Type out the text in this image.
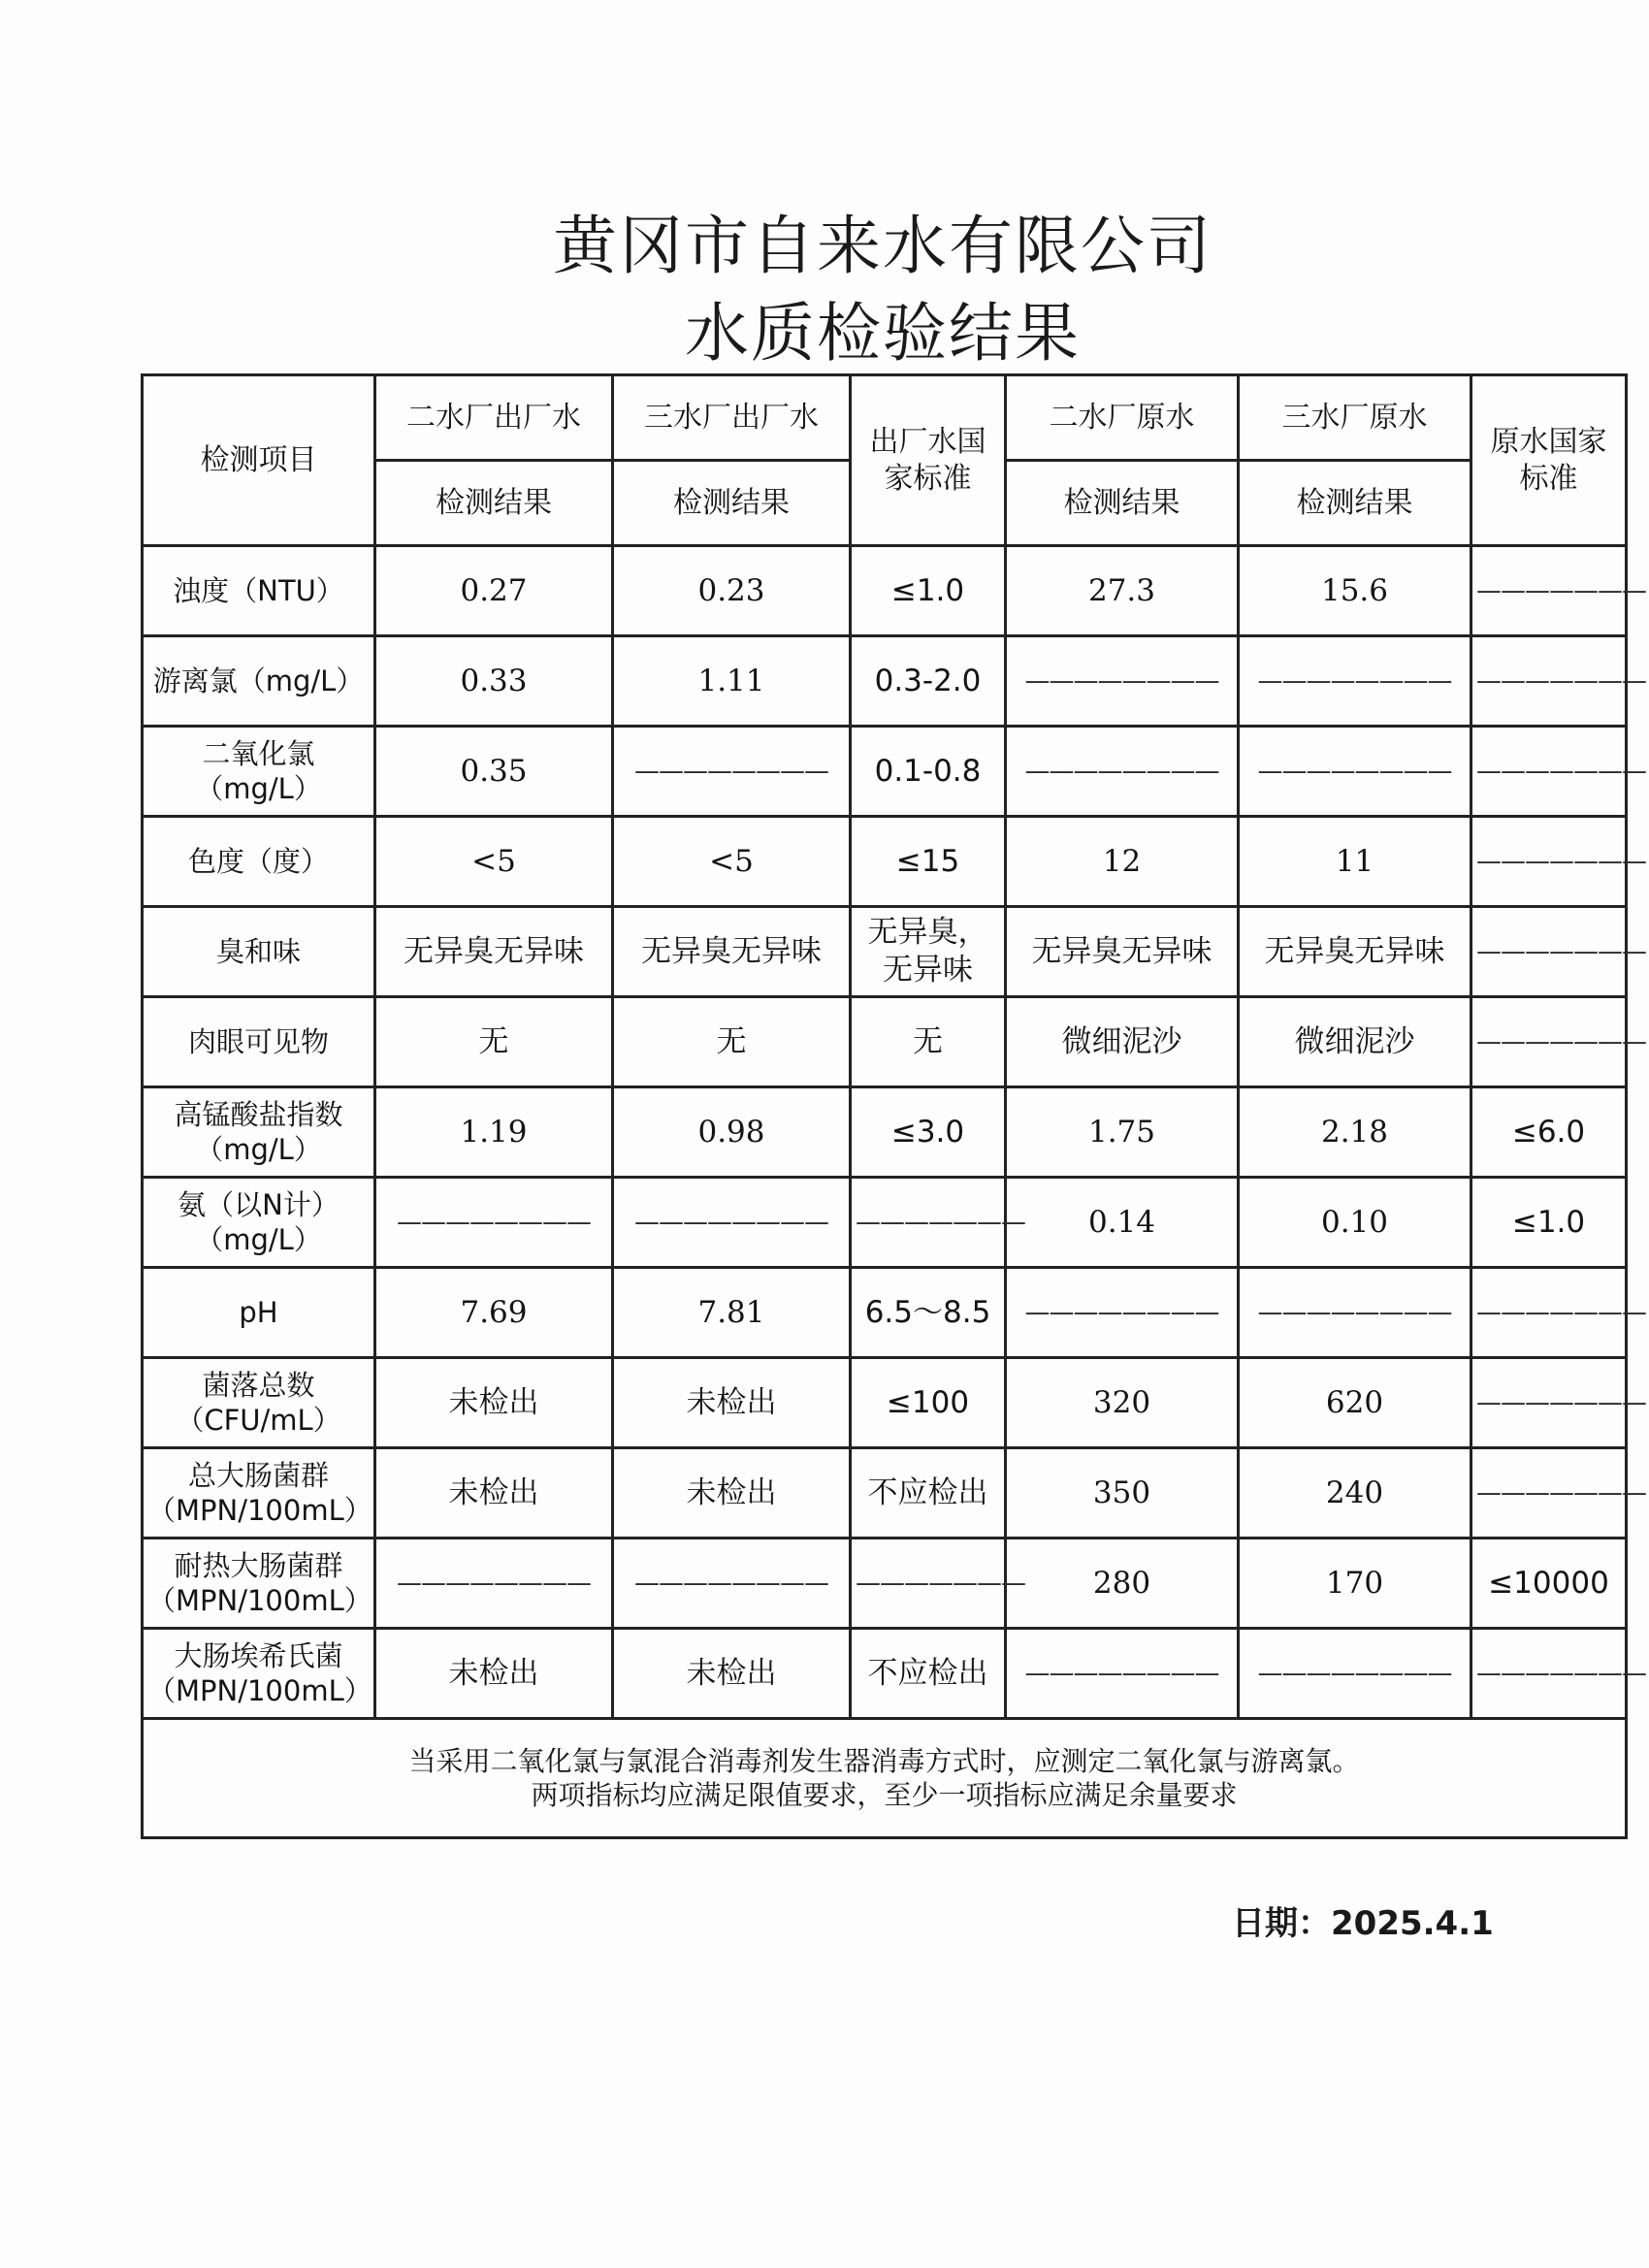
黄冈市自来水有限公司
水质检验结果
检测项目	二水厂出厂水	三水厂出厂水	出厂水国家标准	二水厂原水	三水厂原水	原水国家标准
	检测结果	检测结果		检测结果	检测结果	
浊度（NTU）	0.27	0.23	≤1.0	27.3	15.6	———————
游离氯（mg/L）	0.33	1.11	0.3-2.0	————————	————————	———————
二氧化氯（mg/L）	0.35	————————	0.1-0.8	————————	————————	———————
色度（度）	<5	<5	≤15	12	11	———————
臭和味	无异臭无异味	无异臭无异味	无异臭，无异味	无异臭无异味	无异臭无异味	———————
肉眼可见物	无	无	无	微细泥沙	微细泥沙	———————
高锰酸盐指数（mg/L）	1.19	0.98	≤3.0	1.75	2.18	≤6.0
氨（以N计）（mg/L）	————————	————————	———————	0.14	0.10	≤1.0
pH	7.69	7.81	6.5～8.5	————————	————————	———————
菌落总数（CFU/mL）	未检出	未检出	≤100	320	620	———————
总大肠菌群（MPN/100mL）	未检出	未检出	不应检出	350	240	———————
耐热大肠菌群（MPN/100mL）	————————	————————	———————	280	170	≤10000
大肠埃希氏菌（MPN/100mL）	未检出	未检出	不应检出	————————	————————	———————

当采用二氧化氯与氯混合消毒剂发生器消毒方式时，应测定二氧化氯与游离氯。
两项指标均应满足限值要求，至少一项指标应满足余量要求						
日期：2025.4.1
